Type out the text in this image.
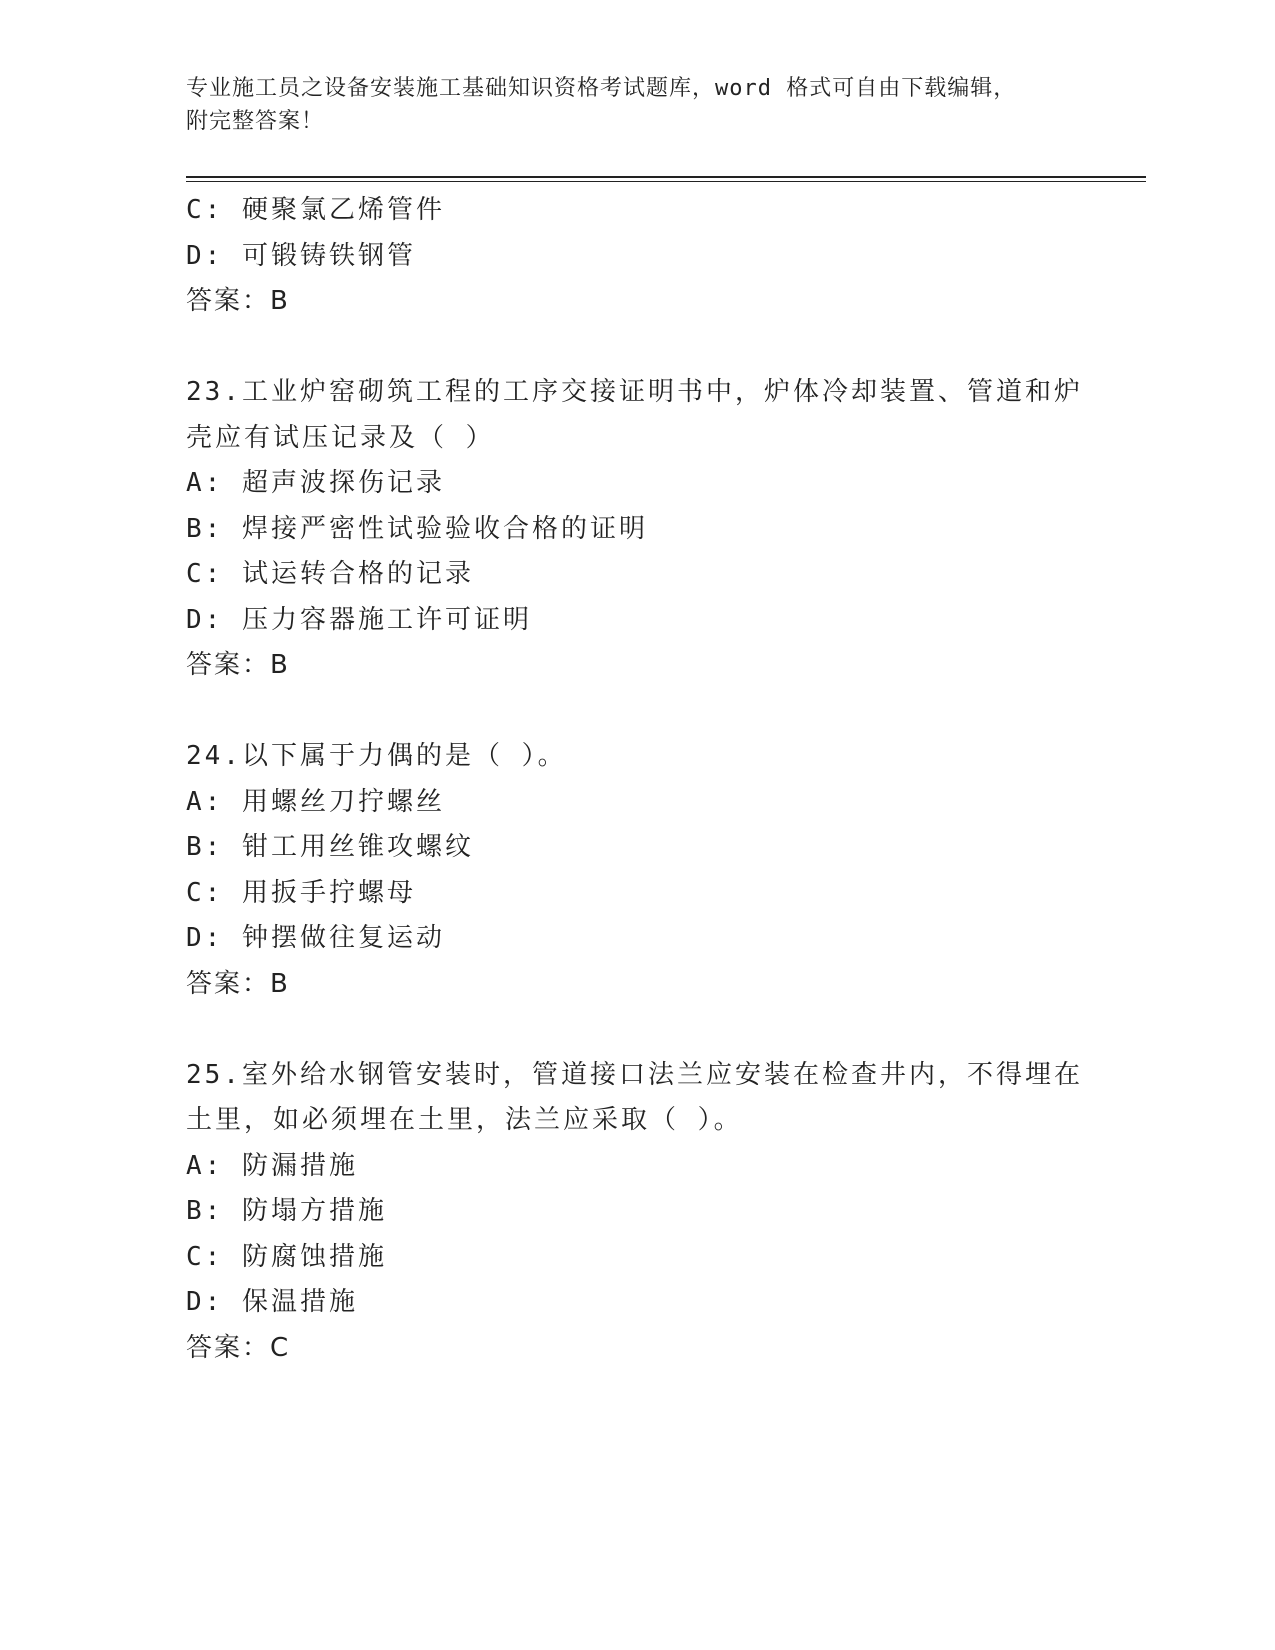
专业施工员之设备安装施工基础知识资格考试题库，word 格式可自由下载编辑，
附完整答案！
C: 硬聚氯乙烯管件
D: 可锻铸铁钢管
答案：B
23.工业炉窑砌筑工程的工序交接证明书中，炉体冷却装置、管道和炉
壳应有试压记录及（ ）
A: 超声波探伤记录
B: 焊接严密性试验验收合格的证明
C: 试运转合格的记录
D: 压力容器施工许可证明
答案：B
24.以下属于力偶的是（ ）。
A: 用螺丝刀拧螺丝
B: 钳工用丝锥攻螺纹
C: 用扳手拧螺母
D: 钟摆做往复运动
答案：B
25.室外给水钢管安装时，管道接口法兰应安装在检查井内，不得埋在
土里，如必须埋在土里，法兰应采取（ ）。
A: 防漏措施
B: 防塌方措施
C: 防腐蚀措施
D: 保温措施
答案：C
